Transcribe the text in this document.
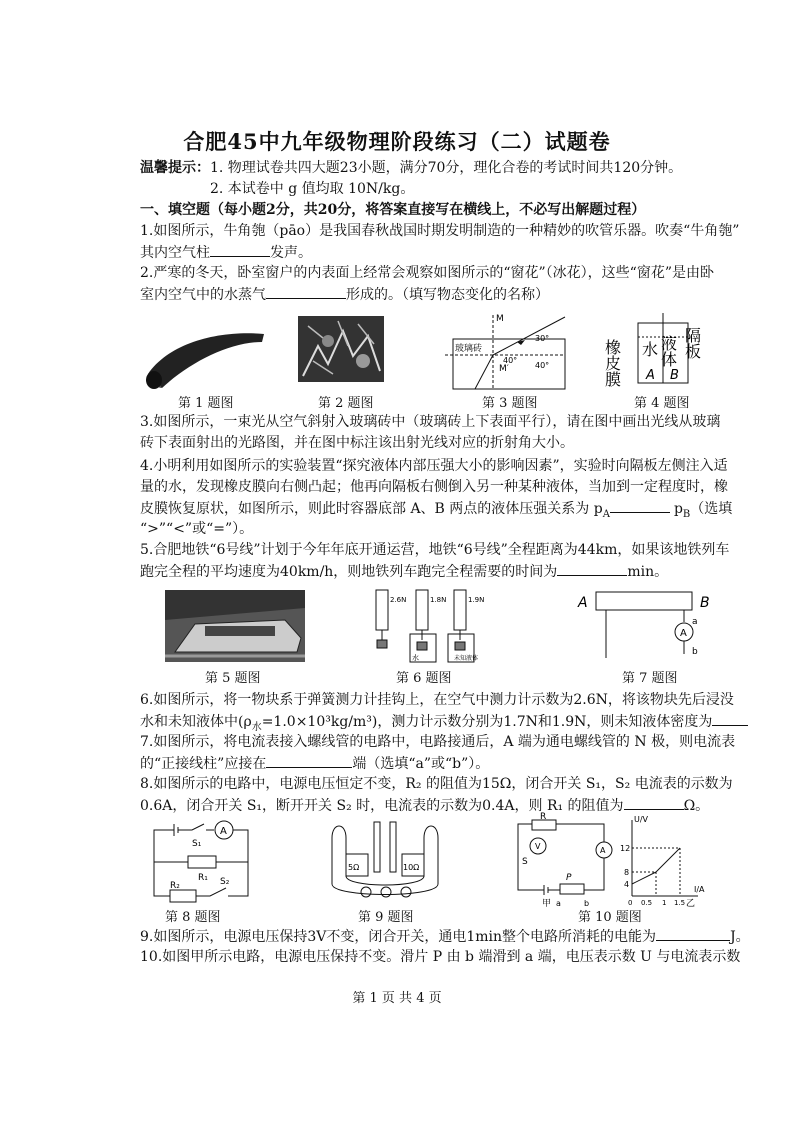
合肥45中九年级物理阶段练习（二）试题卷
温馨提示：1. 物理试卷共四大题23小题，满分70分，理化合卷的考试时间共120分钟。
2. 本试卷中 g 值均取 10N/kg。
一、填空题（每小题2分，共20分，将答案直接写在横线上，不必写出解题过程）
1.如图所示，牛角匏（pāo）是我国春秋战国时期发明制造的一种精妙的吹管乐器。吹奏“牛角匏”
其内空气柱	发声。
2.严寒的冬天，卧室窗户的内表面上经常会观察如图所示的“窗花”（冰花），这些“窗花”是由卧
室内空气中的水蒸气	形成的。（填写物态变化的名称）
玻璃砖
M
M′
30°
40°
40°
隔板
橡皮膜 水 液体
A B
第 1 题图	第 2 题图	第 3 题图	第 4 题图
3.如图所示，一束光从空气斜射入玻璃砖中（玻璃砖上下表面平行），请在图中画出光线从玻璃
砖下表面射出的光路图，并在图中标注该出射光线对应的折射角大小。
4.小明利用如图所示的实验装置“探究液体内部压强大小的影响因素”，实验时向隔板左侧注入适
量的水，发现橡皮膜向右侧凸起；他再向隔板右侧倒入另一种某种液体，当加到一定程度时，橡
皮膜恢复原状，如图所示，则此时容器底部 A、B 两点的液体压强关系为 $p_A$	$p_B$（选填
“>”“<”或“=”）。
5.合肥地铁“6号线”计划于今年年底开通运营，地铁“6号线”全程距离为44km，如果该地铁列车
跑完全程的平均速度为40km/h，则地铁列车跑完全程需要的时间为	min。
2.6N	1.8N	1.9N
水	未知液体
A	B
A
a
b
第 5 题图	第 6 题图	第 7 题图
6.如图所示，将一物块系于弹簧测力计挂钩上，在空气中测力计示数为2.6N，将该物块先后浸没
水和未知液体中$(\rho_水=1.0\times 10^3kg/m^3)$，测力计示数分别为1.7N和1.9N，则未知液体密度为
7.如图所示，将电流表接入螺线管的电路中，电路接通后，A 端为通电螺线管的 N 极，则电流表
的“正接线柱”应接在	端（选填“a”或“b”）。
8.如图所示的电路中，电源电压恒定不变，R₂ 的阻值为15Ω，闭合开关 S₁，S₂ 电流表的示数为
0.6A，闭合开关 S₁，断开开关 S₂ 时，电流表的示数为0.4A，则 R₁ 的阻值为	Ω。
A
S₁
R₁
R₂	S₂
5Ω	10Ω
R
S
V	A
P
a	b
甲
U/V
I/A
12
8
4
0 0.5 1 1.5 乙
第 8 题图	第 9 题图	第 10 题图
9.如图所示，电源电压保持3V不变，闭合开关，通电1min整个电路所消耗的电能为	J。
10.如图甲所示电路，电源电压保持不变。滑片 P 由 b 端滑到 a 端，电压表示数 U 与电流表示数
第 1 页 共 4 页
